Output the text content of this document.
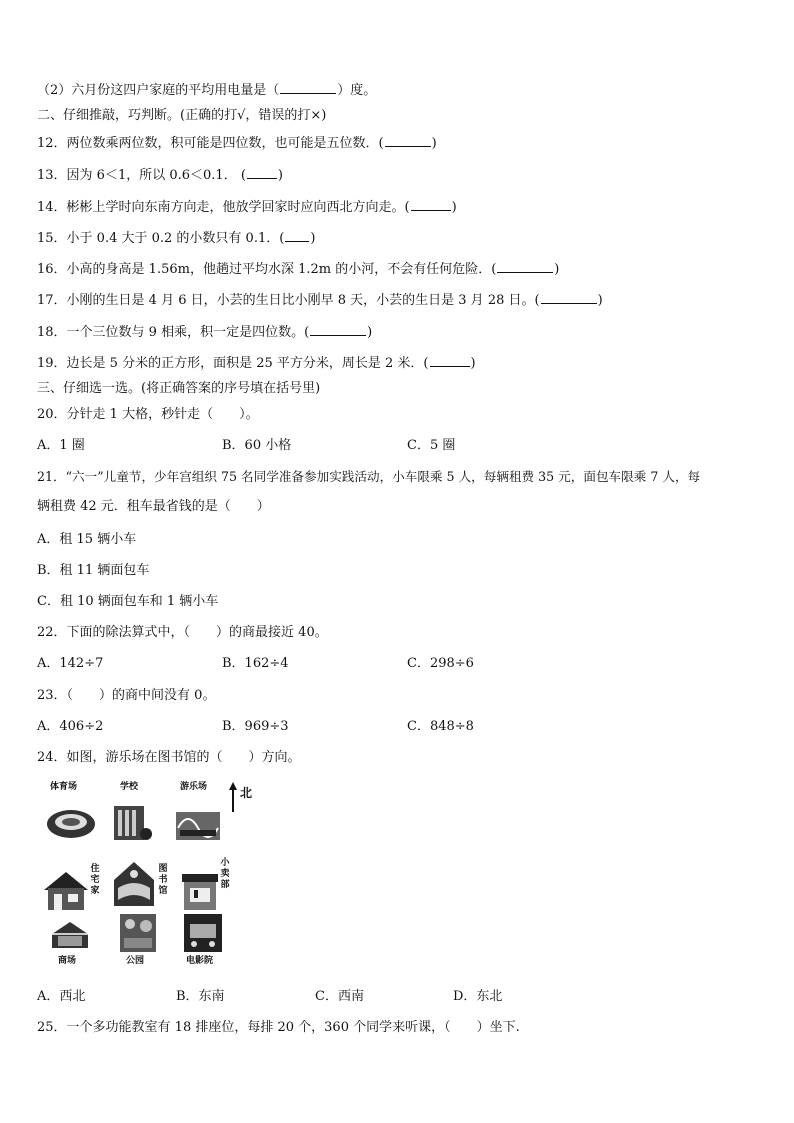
（2）六月份这四户家庭的平均用电量是（	）度。
二、仔细推敲，巧判断。(正确的打√，错误的打×)
12．两位数乘两位数，积可能是四位数，也可能是五位数．(	)
13．因为 6＜1，所以 0.6＜0.1． ( )
14．彬彬上学时向东南方向走，他放学回家时应向西北方向走。(	)
15．小于 0.4 大于 0.2 的小数只有 0.1．( )
16．小高的身高是 1.56m，他趟过平均水深 1.2m 的小河，不会有任何危险．(	)
17．小刚的生日是 4 月 6 日，小芸的生日比小刚早 8 天，小芸的生日是 3 月 28 日。(	)
18．一个三位数与 9 相乘，积一定是四位数。(	)
19．边长是 5 分米的正方形，面积是 25 平方分米，周长是 2 米．(	)
三、仔细选一选。(将正确答案的序号填在括号里)
20．分针走 1 大格，秒针走（　　）。
A．1 圈	B．60 小格	C．5 圈
21．“六一”儿童节，少年宫组织 75 名同学准备参加实践活动，小车限乘 5 人，每辆租费 35 元，面包车限乘 7 人，每
辆租费 42 元．租车最省钱的是（　　）
A．租 15 辆小车
B．租 11 辆面包车
C．租 10 辆面包车和 1 辆小车
22．下面的除法算式中，（　　）的商最接近 40。
A．142÷7	B．162÷4	C．298÷6
23．（　　）的商中间没有 0。
A．406÷2	B．969÷3	C．848÷8
24．如图，游乐场在图书馆的（　　）方向。
北
体育场	学校	游乐场
住宅家
图书馆
小卖部
商场	公园	电影院
A．西北	B．东南	C．西南	D．东北
25．一个多功能教室有 18 排座位，每排 20 个，360 个同学来听课，（　　）坐下.
